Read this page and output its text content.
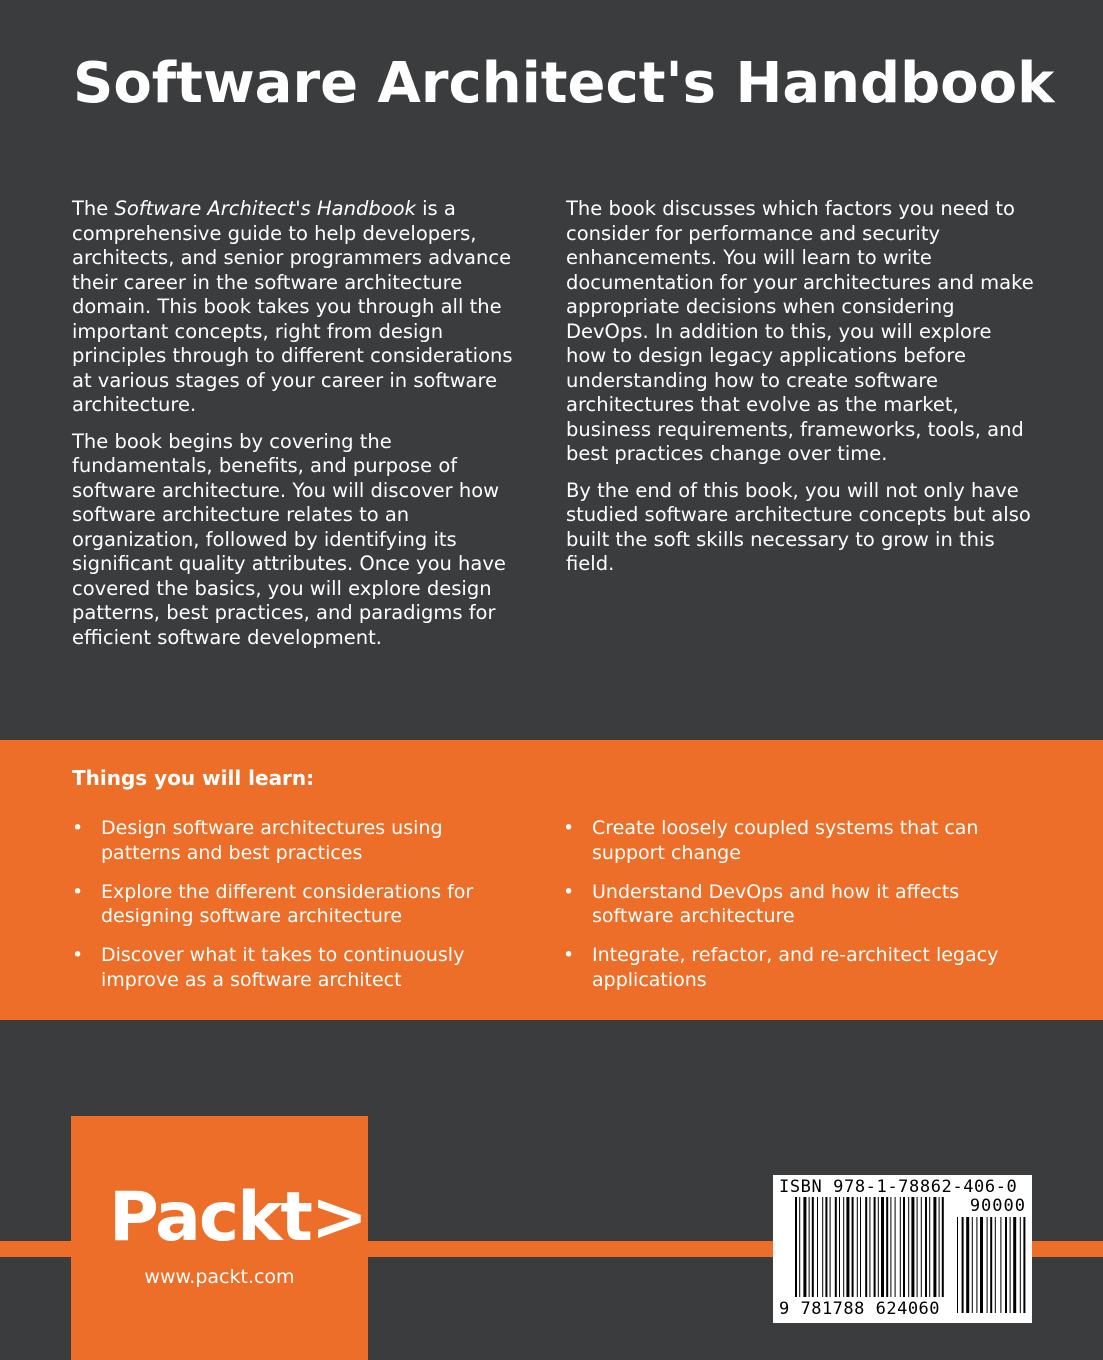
Software Architect's Handbook

The Software Architect's Handbook is a comprehensive guide to help developers, architects, and senior programmers advance their career in the software architecture domain. This book takes you through all the important concepts, right from design principles through to different considerations at various stages of your career in software architecture.

The book begins by covering the fundamentals, benefits, and purpose of software architecture. You will discover how software architecture relates to an organization, followed by identifying its significant quality attributes. Once you have covered the basics, you will explore design patterns, best practices, and paradigms for efficient software development.

The book discusses which factors you need to consider for performance and security enhancements. You will learn to write documentation for your architectures and make appropriate decisions when considering DevOps. In addition to this, you will explore how to design legacy applications before understanding how to create software architectures that evolve as the market, business requirements, frameworks, tools, and best practices change over time.

By the end of this book, you will not only have studied software architecture concepts but also built the soft skills necessary to grow in this field.

Things you will learn:
• Design software architectures using patterns and best practices
• Explore the different considerations for designing software architecture
• Discover what it takes to continuously improve as a software architect
• Create loosely coupled systems that can support change
• Understand DevOps and how it affects software architecture
• Integrate, refactor, and re-architect legacy applications
Packt>
www.packt.com
ISBN 978-1-78862-406-0
90000
9 781788 624060
